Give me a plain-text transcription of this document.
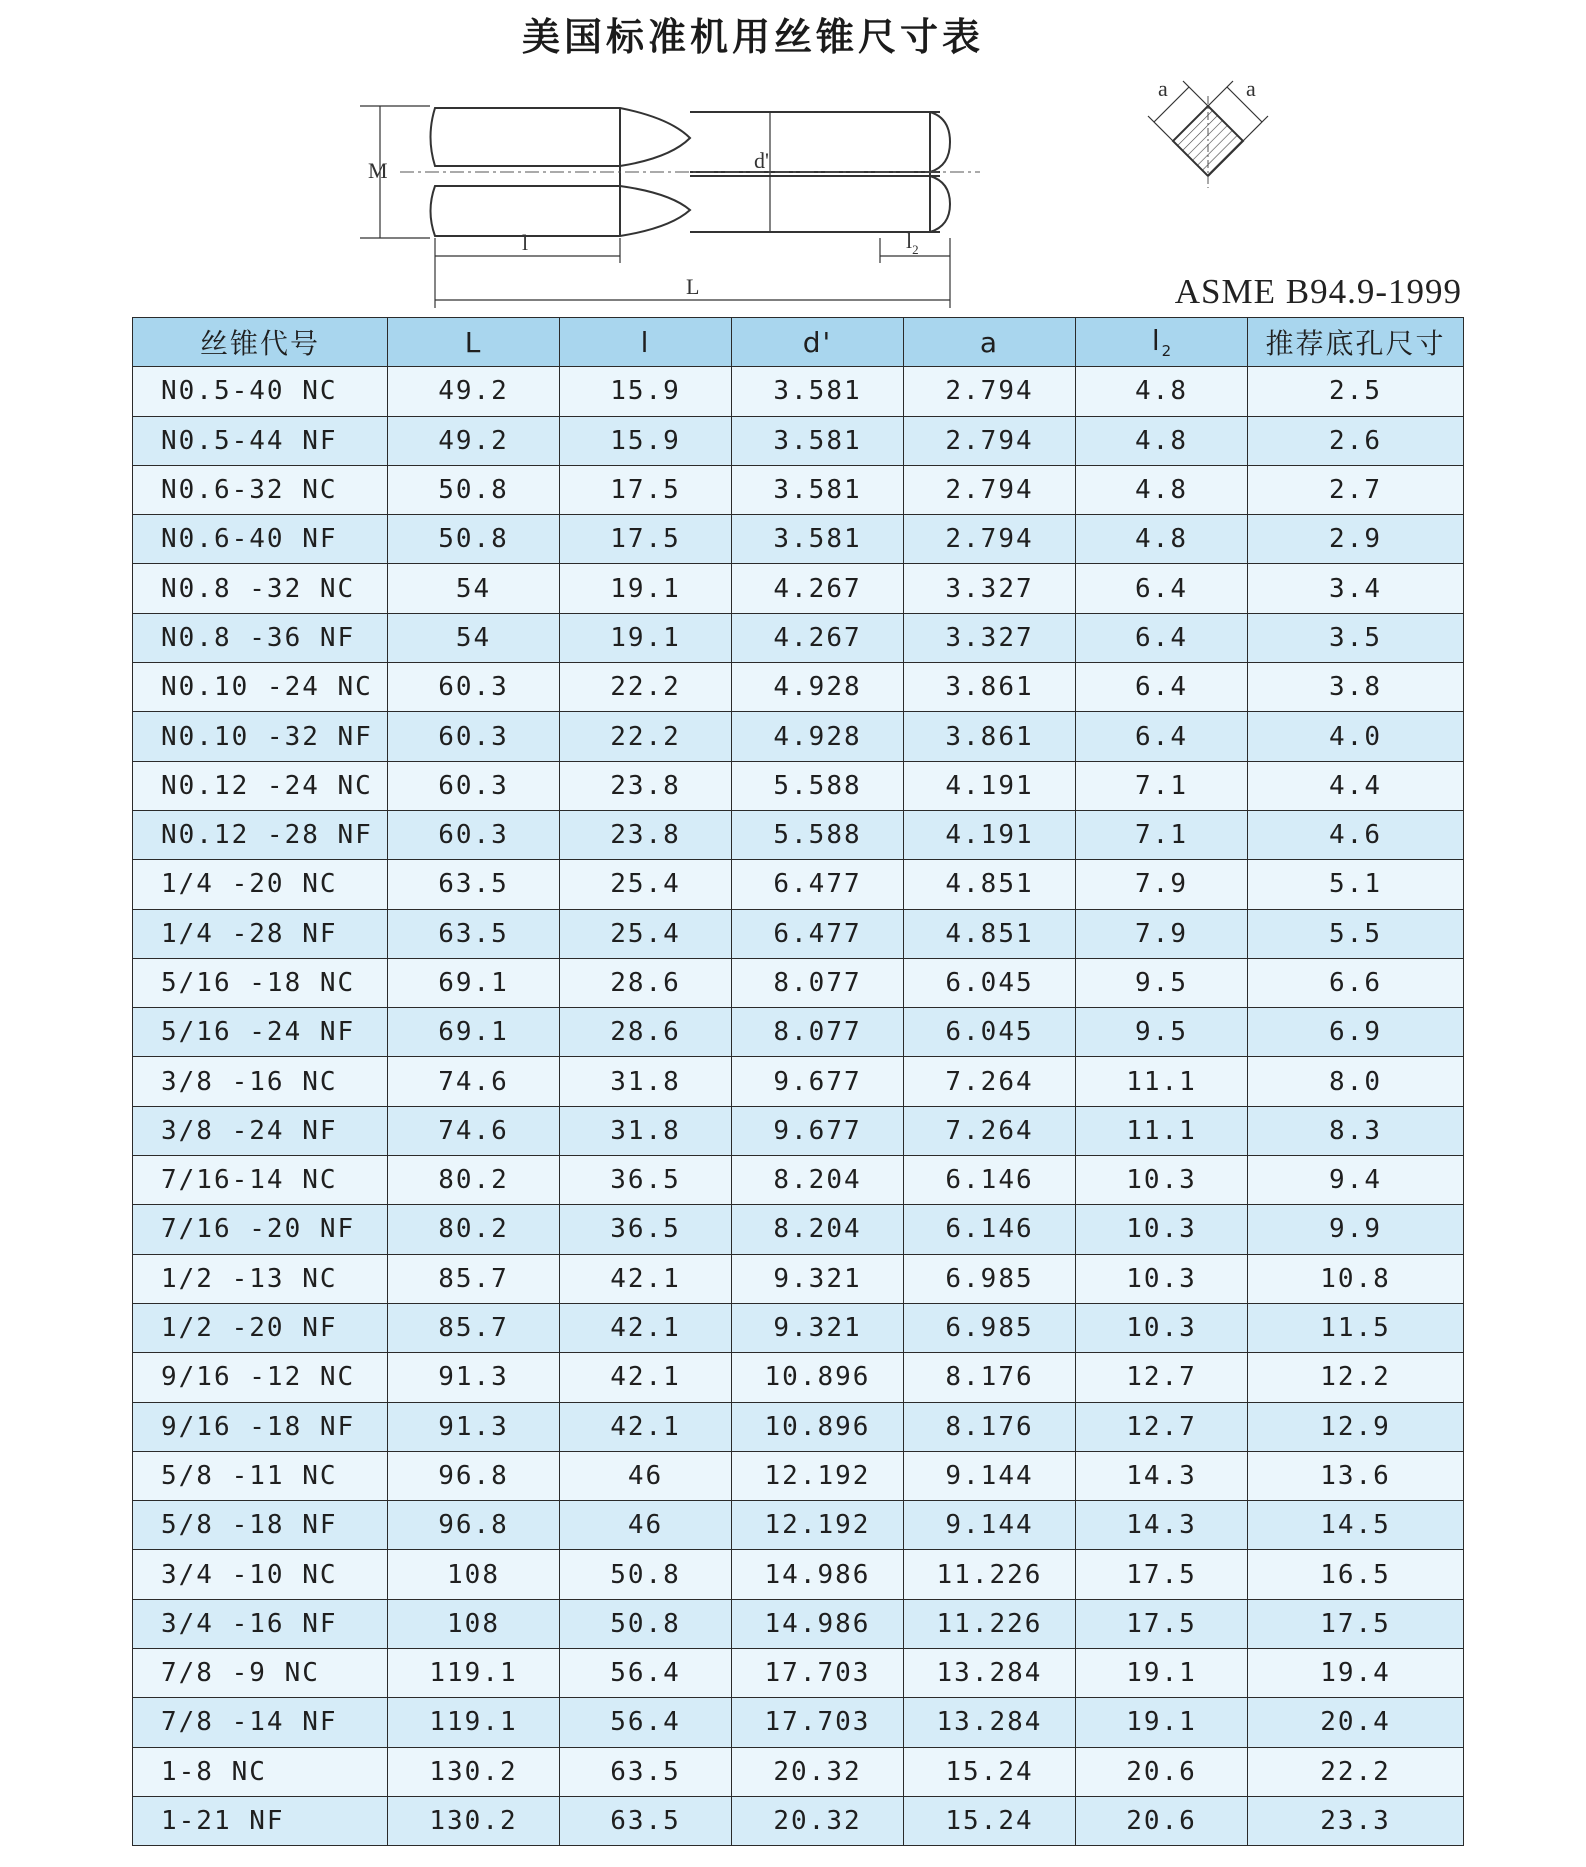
美国标准机用丝锥尺寸表
M	d'
l	$l_2$
L
a	a
ASME B94.9-1999
丝锥代号	L	l	d'	a	$l_2$	推荐底孔尺寸
N0.5-40 NC	49.2	15.9	3.581	2.794	4.8	2.5
N0.5-44 NF	49.2	15.9	3.581	2.794	4.8	2.6
N0.6-32 NC	50.8	17.5	3.581	2.794	4.8	2.7
N0.6-40 NF	50.8	17.5	3.581	2.794	4.8	2.9
N0.8 -32 NC	54	19.1	4.267	3.327	6.4	3.4
N0.8 -36 NF	54	19.1	4.267	3.327	6.4	3.5
N0.10 -24 NC	60.3	22.2	4.928	3.861	6.4	3.8
N0.10 -32 NF	60.3	22.2	4.928	3.861	6.4	4.0
N0.12 -24 NC	60.3	23.8	5.588	4.191	7.1	4.4
N0.12 -28 NF	60.3	23.8	5.588	4.191	7.1	4.6
1/4 -20 NC	63.5	25.4	6.477	4.851	7.9	5.1
1/4 -28 NF	63.5	25.4	6.477	4.851	7.9	5.5
5/16 -18 NC	69.1	28.6	8.077	6.045	9.5	6.6
5/16 -24 NF	69.1	28.6	8.077	6.045	9.5	6.9
3/8 -16 NC	74.6	31.8	9.677	7.264	11.1	8.0
3/8 -24 NF	74.6	31.8	9.677	7.264	11.1	8.3
7/16-14 NC	80.2	36.5	8.204	6.146	10.3	9.4
7/16 -20 NF	80.2	36.5	8.204	6.146	10.3	9.9
1/2 -13 NC	85.7	42.1	9.321	6.985	10.3	10.8
1/2 -20 NF	85.7	42.1	9.321	6.985	10.3	11.5
9/16 -12 NC	91.3	42.1	10.896	8.176	12.7	12.2
9/16 -18 NF	91.3	42.1	10.896	8.176	12.7	12.9
5/8 -11 NC	96.8	46	12.192	9.144	14.3	13.6
5/8 -18 NF	96.8	46	12.192	9.144	14.3	14.5
3/4 -10 NC	108	50.8	14.986	11.226	17.5	16.5
3/4 -16 NF	108	50.8	14.986	11.226	17.5	17.5
7/8 -9 NC	119.1	56.4	17.703	13.284	19.1	19.4
7/8 -14 NF	119.1	56.4	17.703	13.284	19.1	20.4
1-8 NC	130.2	63.5	20.32	15.24	20.6	22.2
1-21 NF	130.2	63.5	20.32	15.24	20.6	23.3
